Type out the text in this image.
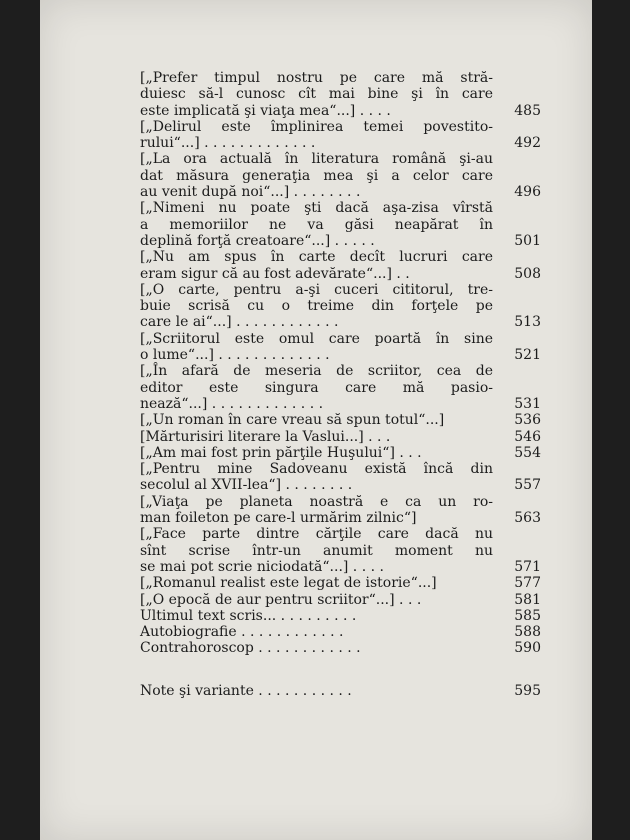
[„Prefer timpul nostru pe care mă stră-
duiesc să-l cunosc cît mai bine şi în care
este implicată şi viaţa mea“...] . . . .	485
[„Delirul este împlinirea temei povestito-
rului“...] . . . . . . . . . . . . .	492
[„La ora actuală în literatura română şi-au
dat măsura generaţia mea şi a celor care
au venit după noi“...] . . . . . . . .	496
[„Nimeni nu poate şti dacă aşa-zisa vîrstă
a memoriilor ne va găsi neapărat în
deplină forţă creatoare“...] . . . . .	501
[„Nu am spus în carte decît lucruri care
eram sigur că au fost adevărate“...] . .	508
[„O carte, pentru a-şi cuceri cititorul, tre-
buie scrisă cu o treime din forţele pe
care le ai“...] . . . . . . . . . . . .	513
[„Scriitorul este omul care poartă în sine
o lume“...] . . . . . . . . . . . . .	521
[„În afară de meseria de scriitor, cea de
editor este singura care mă pasio-
nează“...] . . . . . . . . . . . . .	531
[„Un roman în care vreau să spun totul“...]	536
[Mărturisiri literare la Vaslui...] . . .	546
[„Am mai fost prin părţile Huşului“] . . .	554
[„Pentru mine Sadoveanu există încă din
secolul al XVII-lea“] . . . . . . . .	557
[„Viaţa pe planeta noastră e ca un ro-
man foileton pe care-l urmărim zilnic“]	563
[„Face parte dintre cărţile care dacă nu
sînt scrise într-un anumit moment nu
se mai pot scrie niciodată“...] . . . .	571
[„Romanul realist este legat de istorie“...]	577
[„O epocă de aur pentru scriitor“...] . . .	581
Ultimul text scris... . . . . . . . . .	585
Autobiografie . . . . . . . . . . . .	588
Contrahoroscop . . . . . . . . . . . .	590
Note şi variante . . . . . . . . . . .	595
